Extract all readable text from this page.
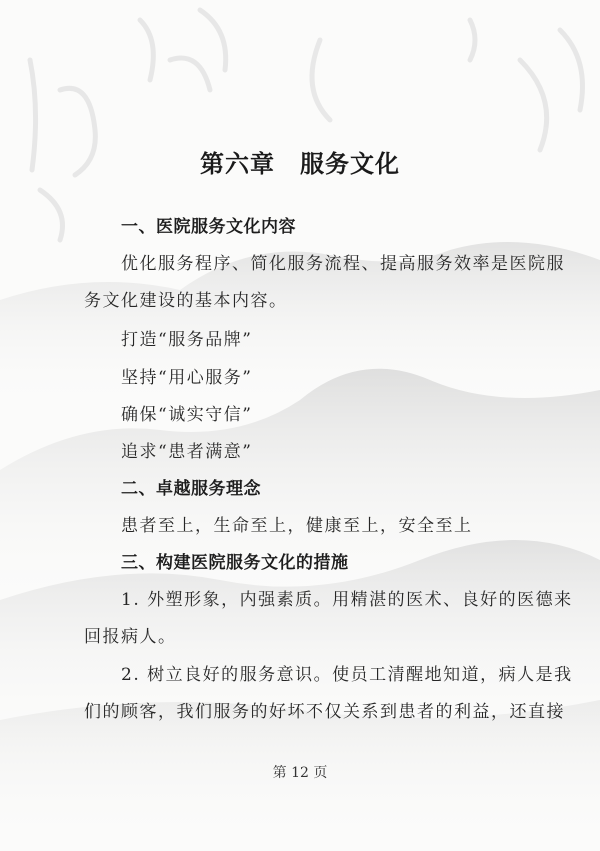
第六章　服务文化
一、医院服务文化内容
优化服务程序、简化服务流程、提高服务效率是医院服
务文化建设的基本内容。
打造“服务品牌”
坚持“用心服务”
确保“诚实守信”
追求“患者满意”
二、卓越服务理念
患者至上，生命至上，健康至上，安全至上
三、构建医院服务文化的措施
1. 外塑形象，内强素质。用精湛的医术、良好的医德来
回报病人。
2. 树立良好的服务意识。使员工清醒地知道，病人是我
们的顾客，我们服务的好坏不仅关系到患者的利益，还直接
第 12 页
